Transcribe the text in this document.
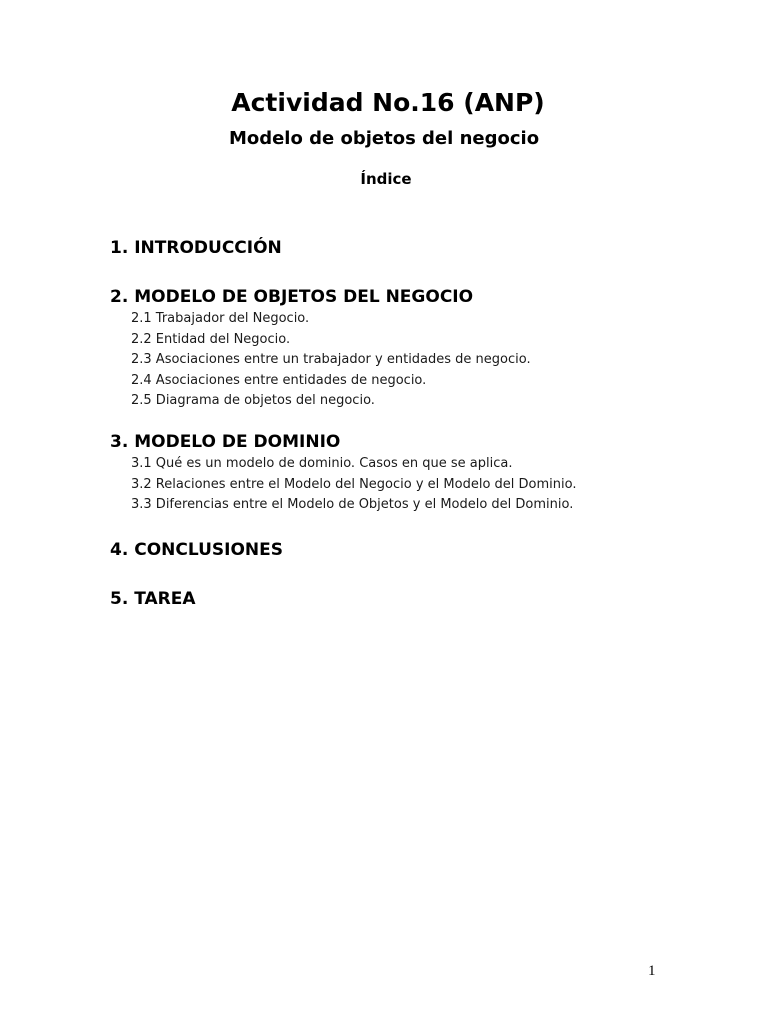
Actividad No.16 (ANP)
Modelo de objetos del negocio
Índice
1. INTRODUCCIÓN
2. MODELO DE OBJETOS DEL NEGOCIO
2.1 Trabajador del Negocio.
2.2 Entidad del Negocio.
2.3 Asociaciones entre un trabajador y entidades de negocio.
2.4 Asociaciones entre entidades de negocio.
2.5 Diagrama de objetos del negocio.
3. MODELO DE DOMINIO
3.1 Qué es un modelo de dominio. Casos en que se aplica.
3.2 Relaciones entre el Modelo del Negocio y el Modelo del Dominio.
3.3 Diferencias entre el Modelo de Objetos y el Modelo del Dominio.
4. CONCLUSIONES
5. TAREA
1
